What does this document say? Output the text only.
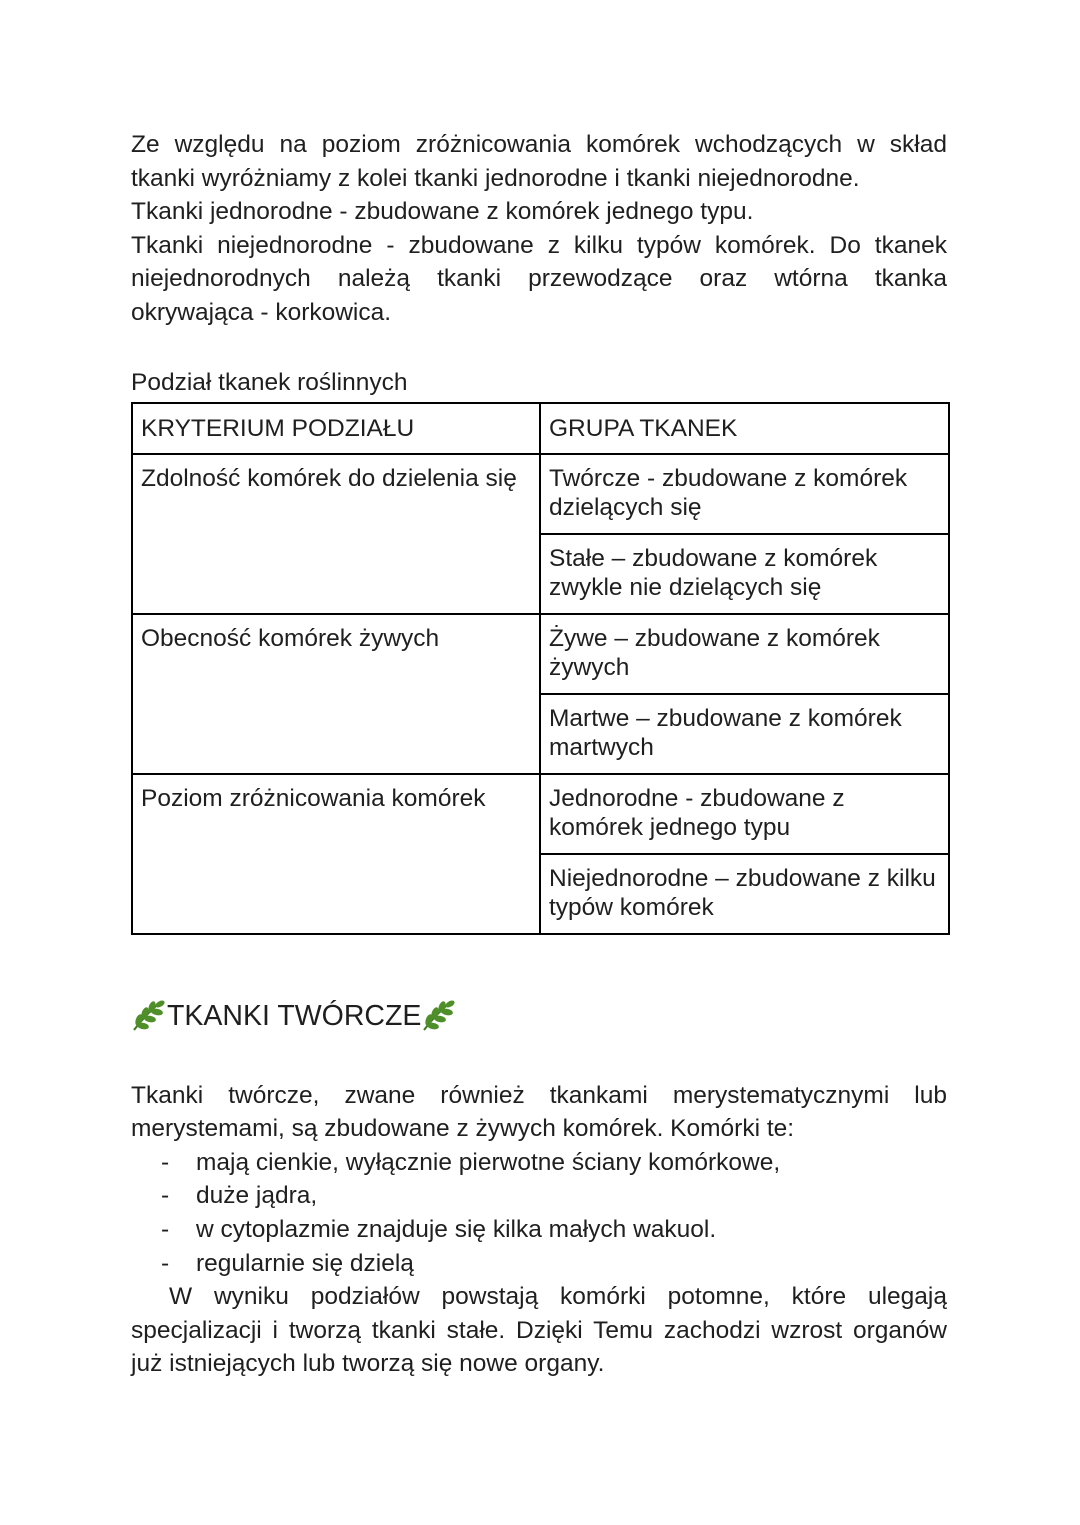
Ze względu na poziom zróżnicowania komórek wchodzących w skład tkanki wyróżniamy z kolei tkanki jednorodne i tkanki niejednorodne.

Tkanki jednorodne - zbudowane z komórek jednego typu.

Tkanki niejednorodne - zbudowane z kilku typów komórek. Do tkanek niejednorodnych należą tkanki przewodzące oraz wtórna tkanka okrywająca - korkowica.

Podział tkanek roślinnych
KRYTERIUM PODZIAŁU	GRUPA TKANEK
Zdolność komórek do dzielenia się	Twórcze - zbudowane z komórek dzielących się
	Stałe – zbudowane z komórek zwykle nie dzielących się
Obecność komórek żywych	Żywe – zbudowane z komórek żywych
	Martwe – zbudowane z komórek martwych
Poziom zróżnicowania komórek	Jednorodne - zbudowane z komórek jednego typu
	Niejednorodne – zbudowane z kilku typów komórek
TKANKI TWÓRCZE

Tkanki twórcze, zwane również tkankami merystematycznymi lub merystemami, są zbudowane z żywych komórek. Komórki te:

- mają cienkie, wyłącznie pierwotne ściany komórkowe,
- duże jądra,
- w cytoplazmie znajduje się kilka małych wakuol.
- regularnie się dzielą

W wyniku podziałów powstają komórki potomne, które ulegają specjalizacji i tworzą tkanki stałe. Dzięki Temu zachodzi wzrost organów już istniejących lub tworzą się nowe organy.
